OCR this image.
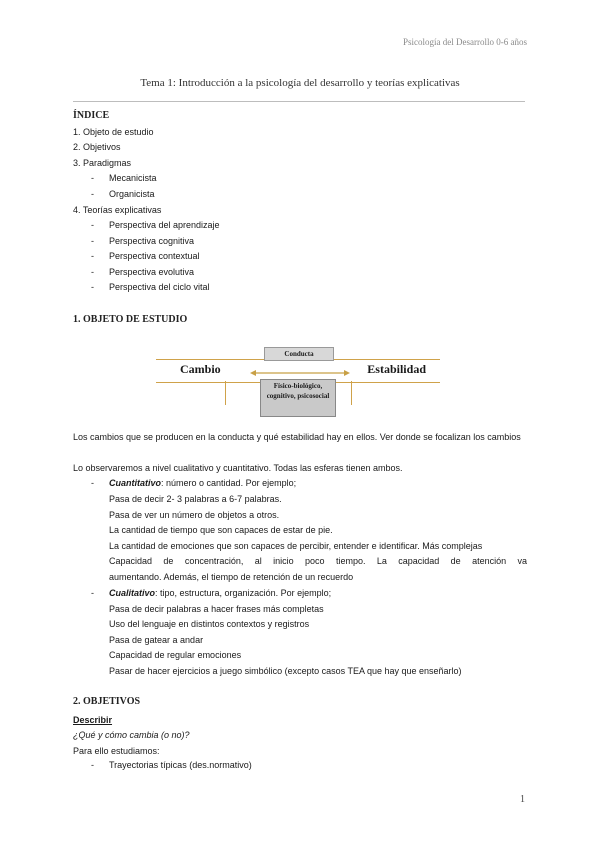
Psicología del Desarrollo 0-6 años
Tema 1: Introducción a la psicología del desarrollo y teorías explicativas
ÍNDICE
1. Objeto de estudio
2. Objetivos
3. Paradigmas
- Mecanicista
- Organicista
4. Teorías explicativas
- Perspectiva del aprendizaje
- Perspectiva cognitiva
- Perspectiva contextual
- Perspectiva evolutiva
- Perspectiva del ciclo vital
1. OBJETO DE ESTUDIO
Cambio	Estabilidad
Conducta
Físico-biológico, cognitivo, psicosocial
Los cambios que se producen en la conducta y qué estabilidad hay en ellos. Ver donde se focalizan los cambios
Lo observaremos a nivel cualitativo y cuantitativo. Todas las esferas tienen ambos.
- Cuantitativo: número o cantidad. Por ejemplo;
Pasa de decir 2- 3 palabras a 6-7 palabras.
Pasa de ver un número de objetos a otros.
La cantidad de tiempo que son capaces de estar de pie.
La cantidad de emociones que son capaces de percibir, entender e identificar. Más complejas
Capacidad de concentración, al inicio poco tiempo. La capacidad de atención va
aumentando. Además, el tiempo de retención de un recuerdo
- Cualitativo: tipo, estructura, organización. Por ejemplo;
Pasa de decir palabras a hacer frases más completas
Uso del lenguaje en distintos contextos y registros
Pasa de gatear a andar
Capacidad de regular emociones
Pasar de hacer ejercicios a juego simbólico (excepto casos TEA que hay que enseñarlo)
2. OBJETIVOS
Describir
¿Qué y cómo cambia (o no)?
Para ello estudiamos:
- Trayectorias típicas (des.normativo)
1
